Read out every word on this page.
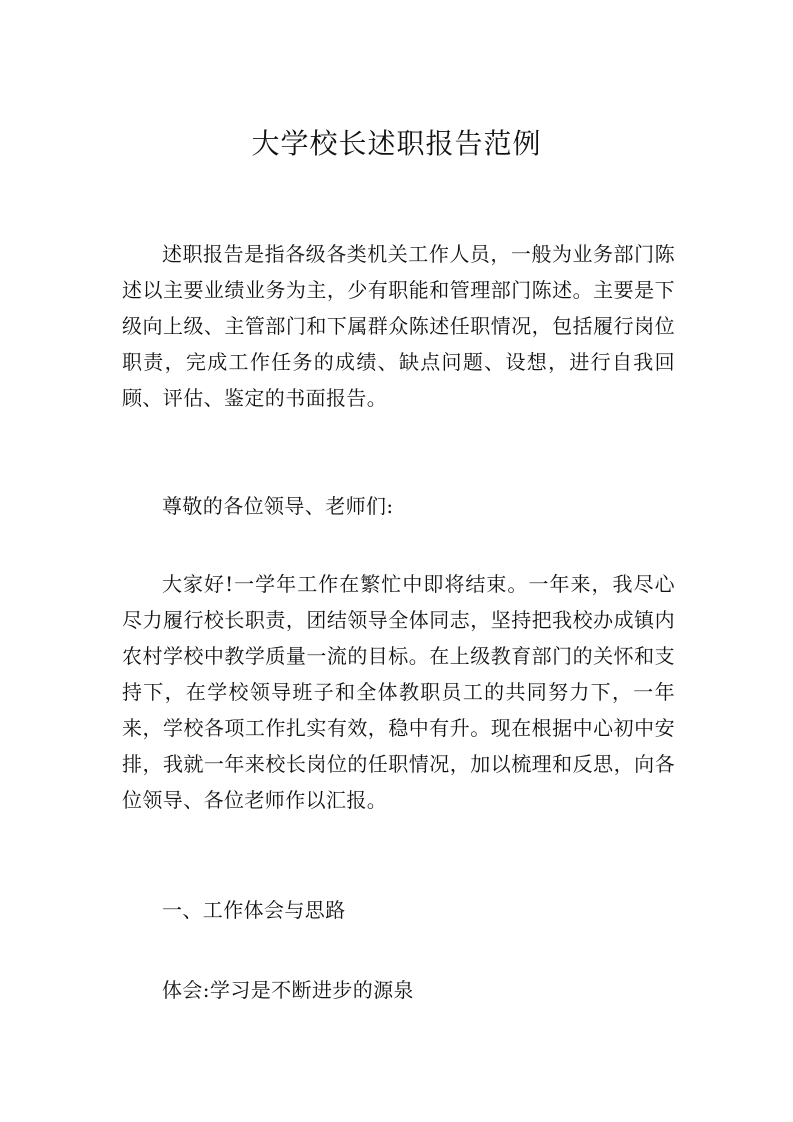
大学校长述职报告范例

述职报告是指各级各类机关工作人员，一般为业务部门陈述以主要业绩业务为主，少有职能和管理部门陈述。主要是下级向上级、主管部门和下属群众陈述任职情况，包括履行岗位职责，完成工作任务的成绩、缺点问题、设想，进行自我回顾、评估、鉴定的书面报告。

尊敬的各位领导、老师们:

大家好!一学年工作在繁忙中即将结束。一年来，我尽心尽力履行校长职责，团结领导全体同志，坚持把我校办成镇内农村学校中教学质量一流的目标。在上级教育部门的关怀和支持下，在学校领导班子和全体教职员工的共同努力下，一年来，学校各项工作扎实有效，稳中有升。现在根据中心初中安排，我就一年来校长岗位的任职情况，加以梳理和反思，向各位领导、各位老师作以汇报。

一、工作体会与思路

体会:学习是不断进步的源泉
